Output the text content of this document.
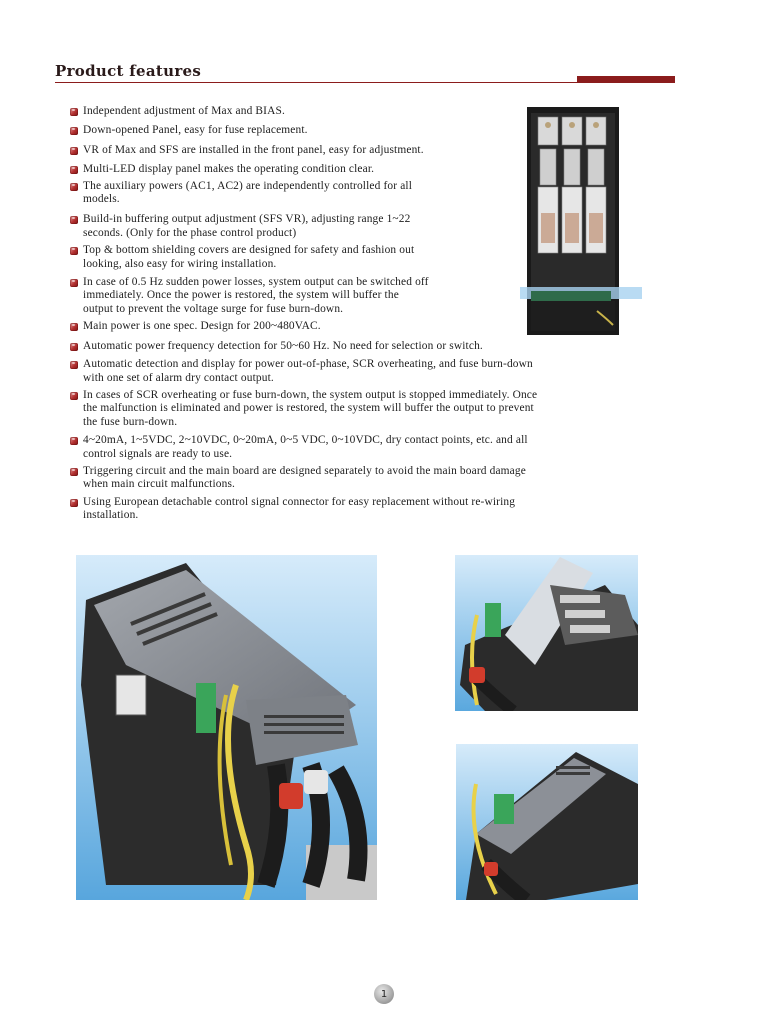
Product features
Independent adjustment of Max and BIAS.
Down-opened Panel, easy for fuse replacement.
VR of Max and SFS are installed in the front panel, easy for adjustment.
Multi-LED display panel makes the operating condition clear.
The auxiliary powers (AC1, AC2) are independently controlled for all
models.
Build-in buffering output adjustment (SFS VR), adjusting range 1~22
seconds. (Only for the phase control product)
Top & bottom shielding covers are designed for safety and fashion out
looking, also easy for wiring installation.
In case of 0.5 Hz sudden power losses, system output can be switched off
immediately. Once the power is restored, the system will buffer the
output to prevent the voltage surge for fuse burn-down.
Main power is one spec. Design for 200~480VAC.
Automatic power frequency detection for 50~60 Hz. No need for selection or switch.
Automatic detection and display for power out-of-phase, SCR overheating, and fuse burn-down
with one set of alarm dry contact output.
In cases of SCR overheating or fuse burn-down, the system output is stopped immediately. Once
the malfunction is eliminated and power is restored, the system will buffer the output to prevent
the fuse burn-down.
4~20mA, 1~5VDC, 2~10VDC, 0~20mA, 0~5 VDC, 0~10VDC, dry contact points, etc. and all
control signals are ready to use.
Triggering circuit and the main board are designed separately to avoid the main board damage
when main circuit malfunctions.
Using European detachable control signal connector for easy replacement without re-wiring
installation.
1
